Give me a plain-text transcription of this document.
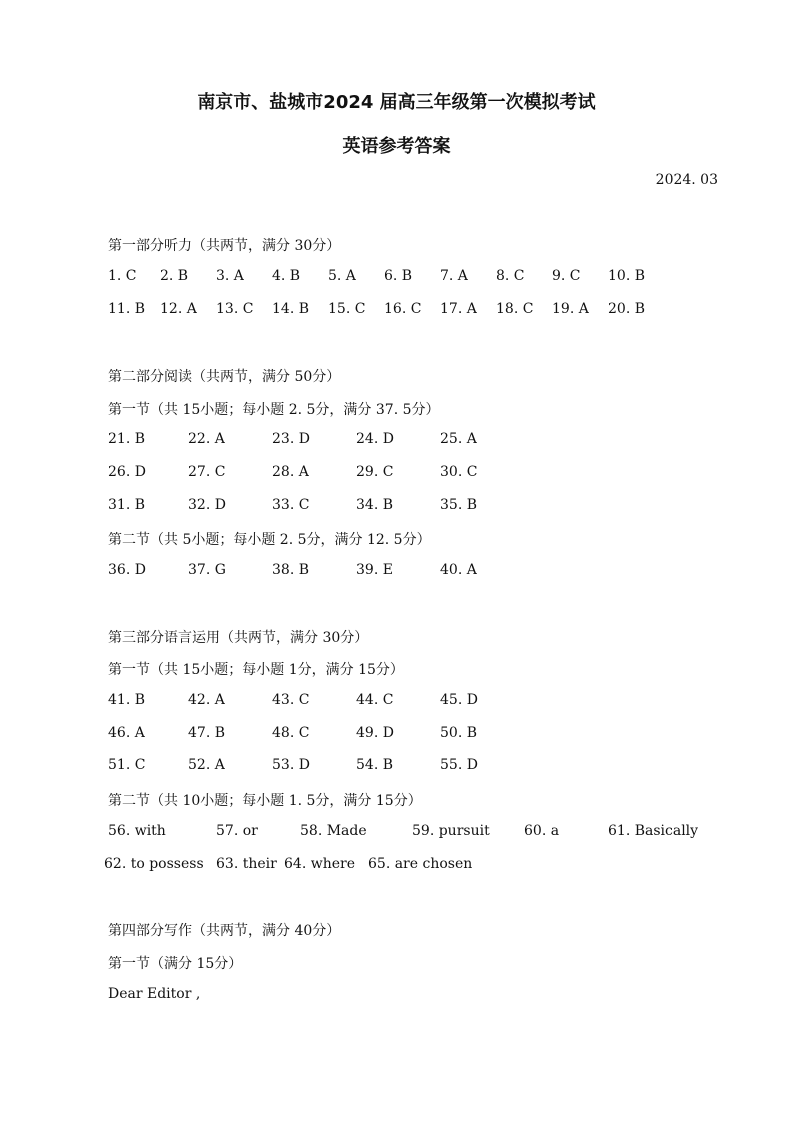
南京市、盐城市2024 届高三年级第一次模拟考试
英语参考答案
2024. 03
第一部分听力（共两节，满分 30分）
1. C 2. B 3. A 4. B 5. A 6. B 7. A 8. C 9. C 10. B
11. B 12. A 13. C 14. B 15. C 16. C 17. A 18. C 19. A 20. B
第二部分阅读（共两节，满分 50分）
第一节（共 15小题；每小题 2. 5分，满分 37. 5分）
21. B	22. A	23. D	24. D	25. A
26. D	27. C	28. A	29. C	30. C
31. B	32. D	33. C	34. B	35. B
第二节（共 5小题；每小题 2. 5分，满分 12. 5分）
36. D	37. G	38. B	39. E	40. A
第三部分语言运用（共两节，满分 30分）
第一节（共 15小题；每小题 1分，满分 15分）
41. B	42. A	43. C	44. C	45. D
46. A	47. B	48. C	49. D	50. B
51. C	52. A	53. D	54. B	55. D
第二节（共 10小题；每小题 1. 5分，满分 15分）
56. with	57. or	58. Made	59. pursuit 60. a	61. Basically
62. to possess 63. their 64. where 65. are chosen
第四部分写作（共两节，满分 40分）
第一节（满分 15分）
Dear Editor ,
